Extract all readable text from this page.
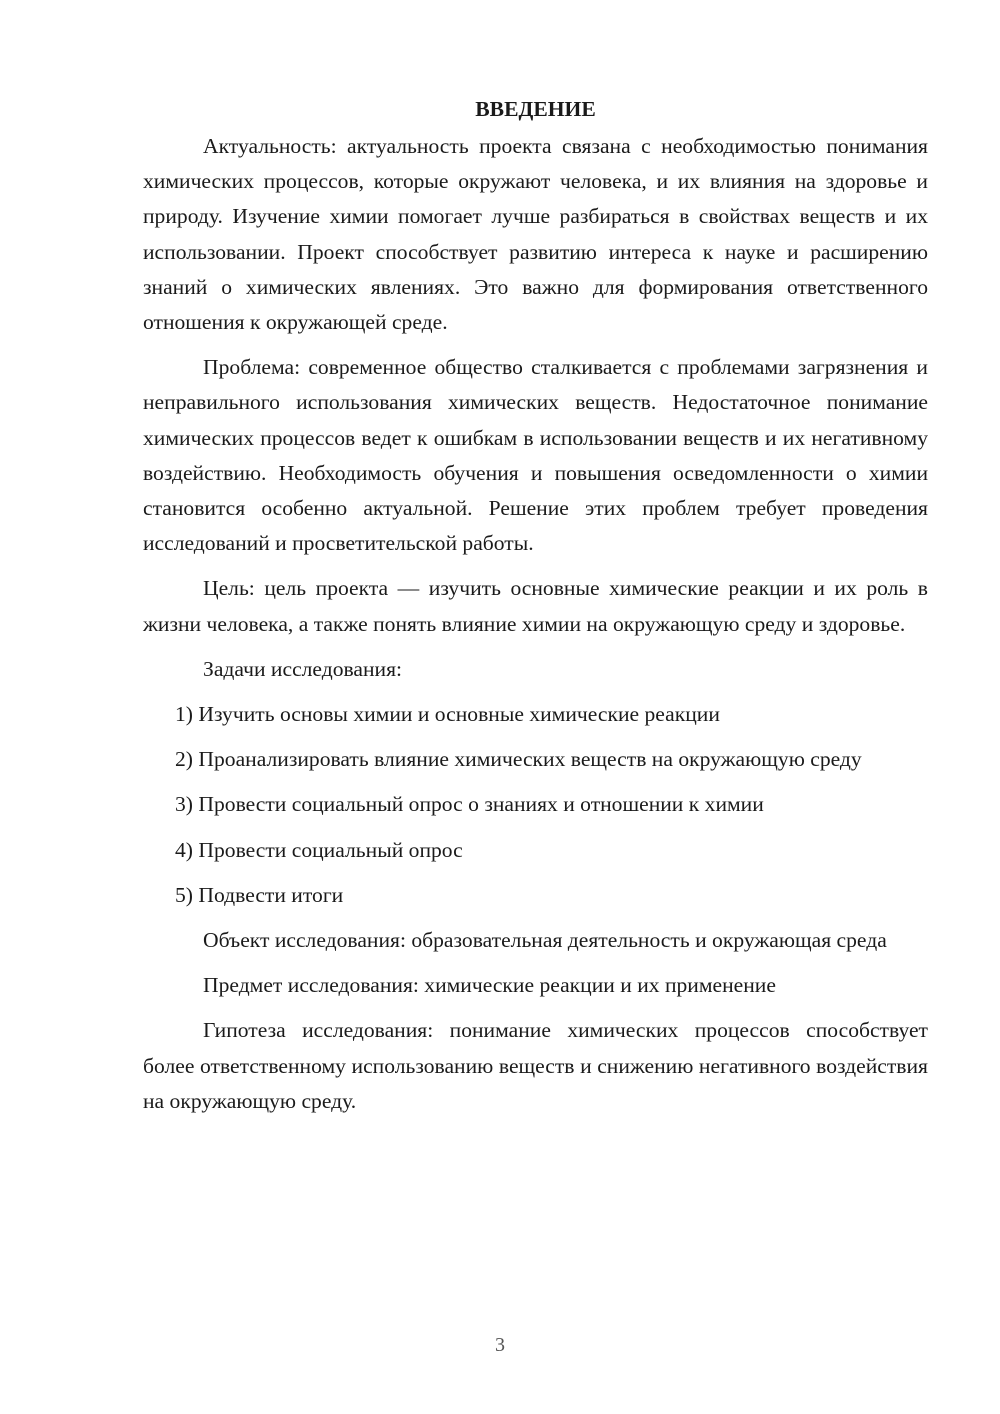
ВВЕДЕНИЕ

Актуальность: актуальность проекта связана с необходимостью понимания химических процессов, которые окружают человека, и их влияния на здоровье и природу. Изучение химии помогает лучше разбираться в свойствах веществ и их использовании. Проект способствует развитию интереса к науке и расширению знаний о химических явлениях. Это важно для формирования ответственного отношения к окружающей среде.

Проблема: современное общество сталкивается с проблемами загрязнения и неправильного использования химических веществ. Недостаточное понимание химических процессов ведет к ошибкам в использовании веществ и их негативному воздействию. Необходимость обучения и повышения осведомленности о химии становится особенно актуальной. Решение этих проблем требует проведения исследований и просветительской работы.

Цель: цель проекта — изучить основные химические реакции и их роль в жизни человека, а также понять влияние химии на окружающую среду и здоровье.

Задачи исследования:

1) Изучить основы химии и основные химические реакции

2) Проанализировать влияние химических веществ на окружающую среду

3) Провести социальный опрос о знаниях и отношении к химии

4) Провести социальный опрос

5) Подвести итоги

Объект исследования: образовательная деятельность и окружающая среда

Предмет исследования: химические реакции и их применение

Гипотеза исследования: понимание химических процессов способствует более ответственному использованию веществ и снижению негативного воздействия на окружающую среду.

3
